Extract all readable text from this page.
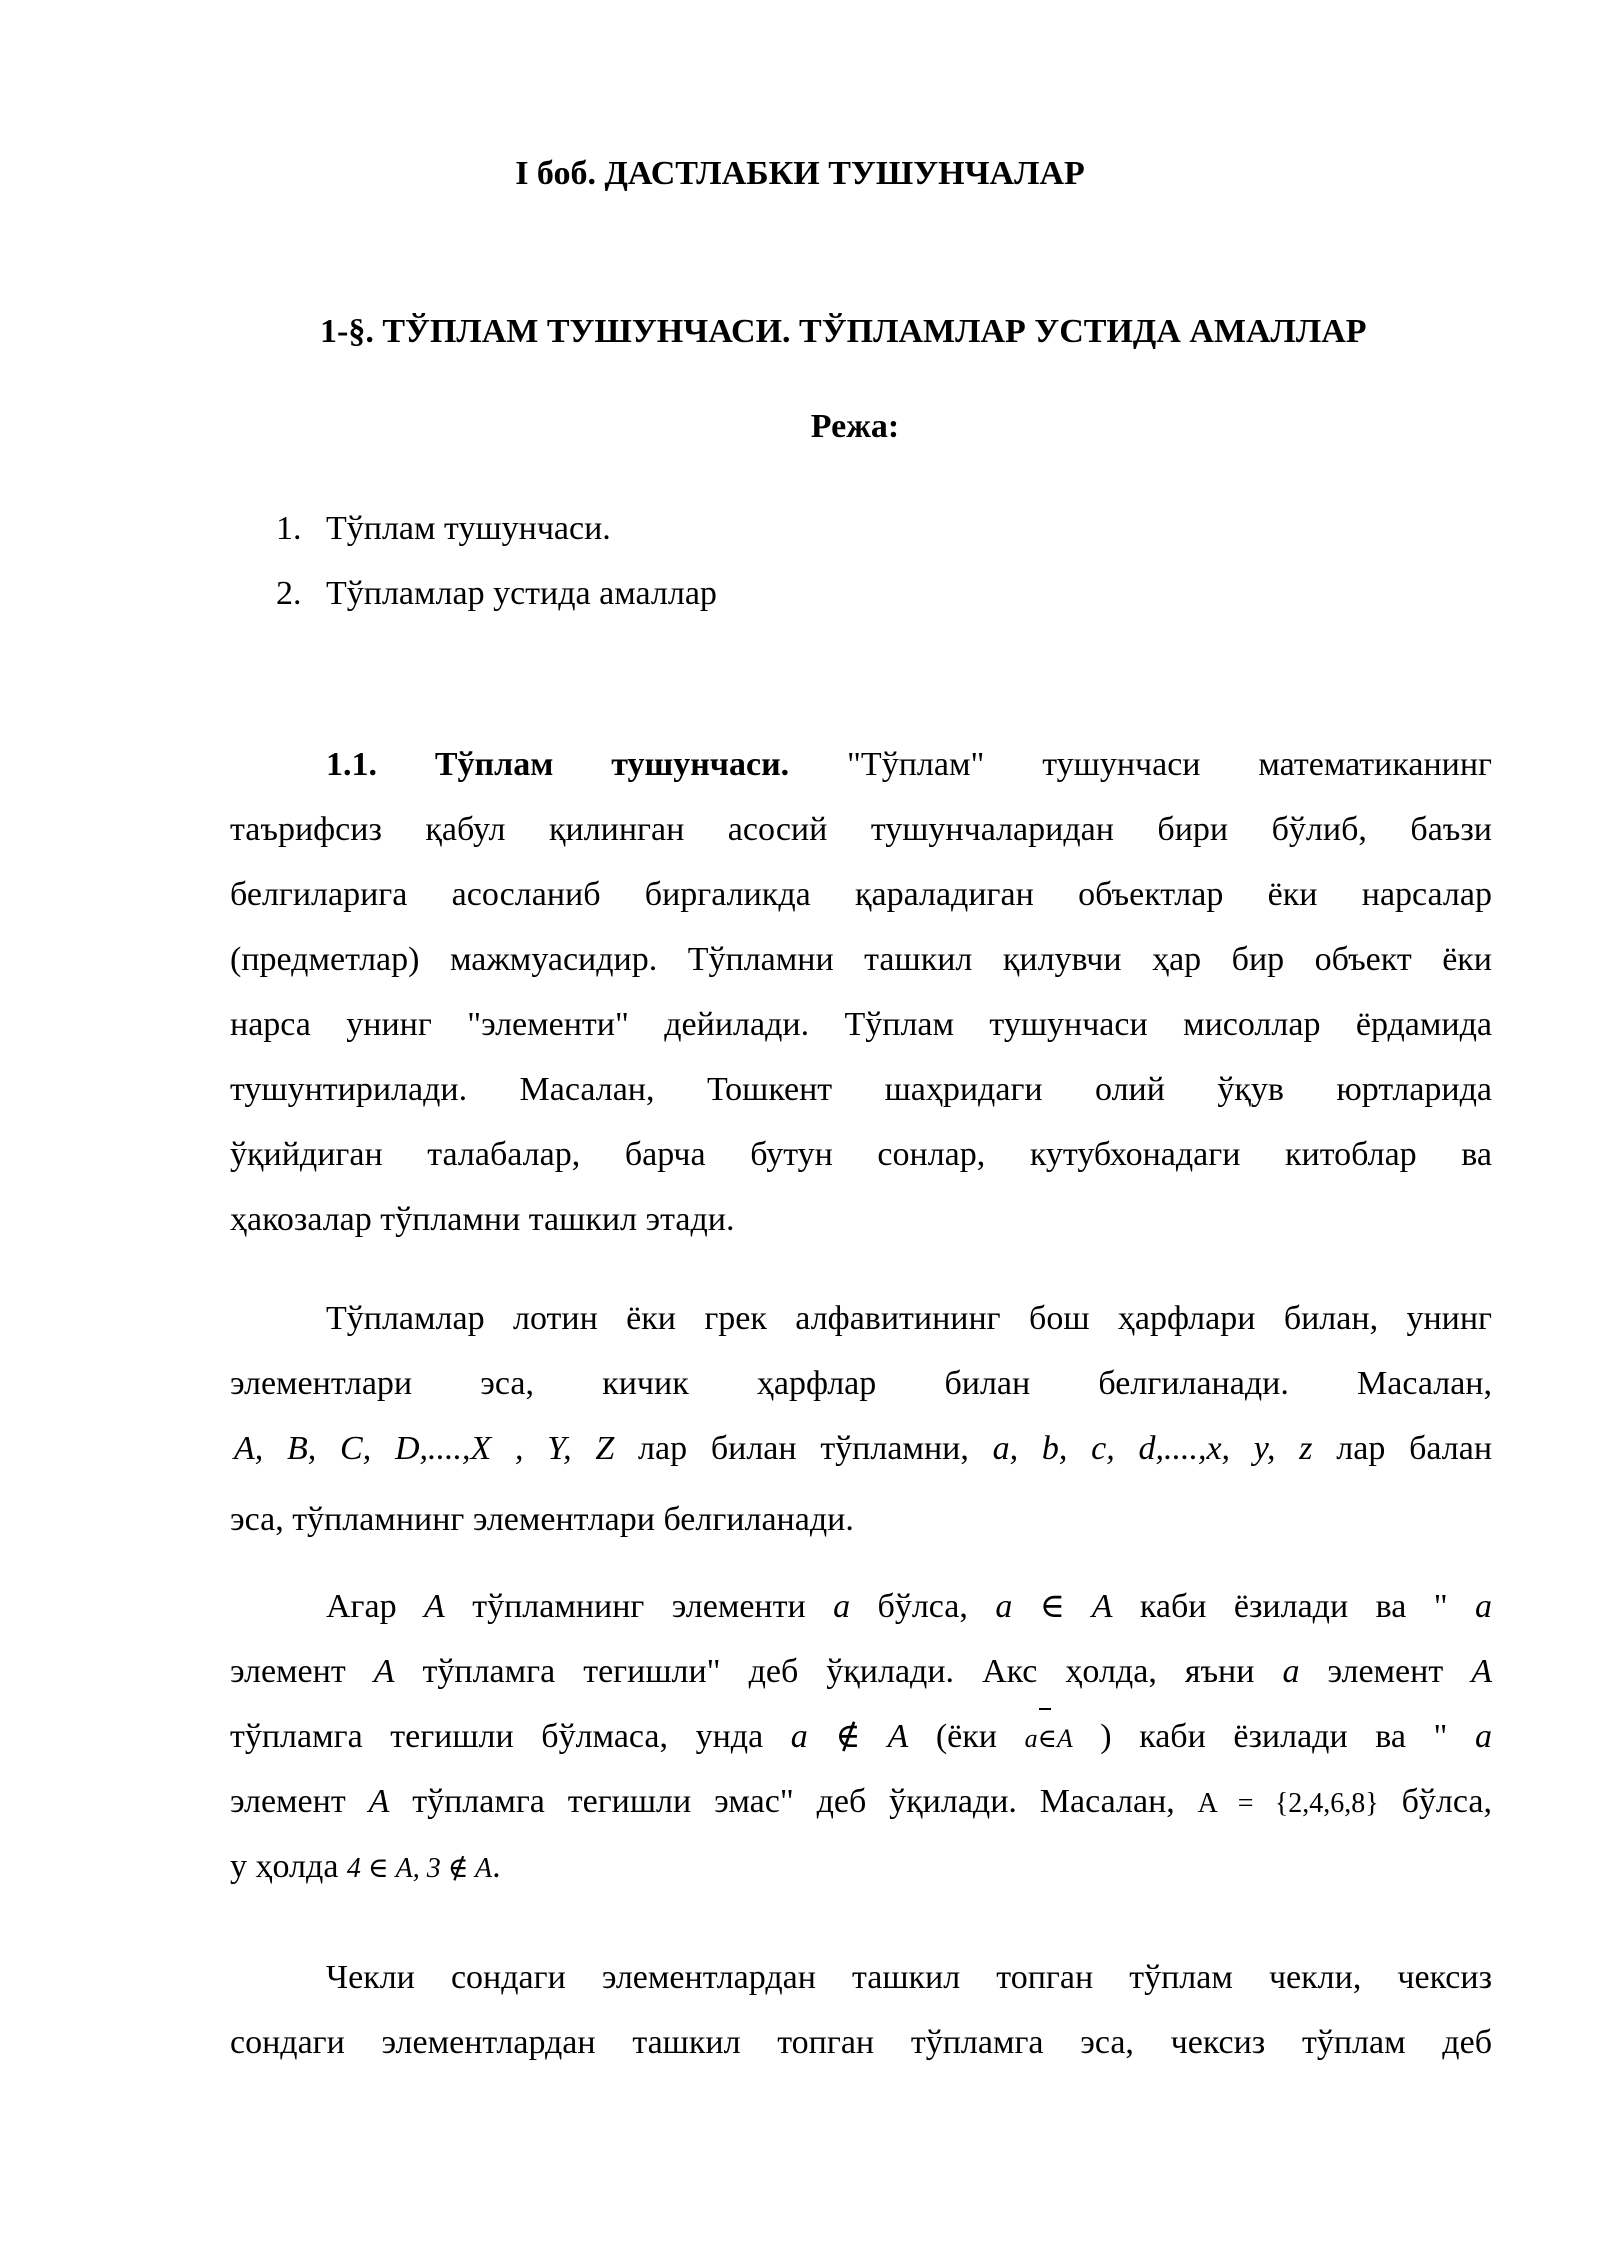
I боб. ДАСТЛАБКИ ТУШУНЧАЛАР
1-§. ТЎПЛАМ ТУШУНЧАСИ. ТЎПЛАМЛАР УСТИДА АМАЛЛАР
Режа:
1. Тўплам тушунчаси.
2. Тўпламлар устида амаллар
1.1. Тўплам тушунчаси. "Тўплам" тушунчаси математиканинг
таърифсиз қабул қилинган асосий тушунчаларидан бири бўлиб, баъзи
белгиларига асосланиб биргаликда қараладиган объектлар ёки нарсалар
(предметлар) мажмуасидир. Тўпламни ташкил қилувчи ҳар бир объект ёки
нарса унинг "элементи" дейилади. Тўплам тушунчаси мисоллар ёрдамида
тушунтирилади. Масалан, Тошкент шаҳридаги олий ўқув юртларида
ўқийдиган талабалар, барча бутун сонлар, кутубхонадаги китоблар ва
ҳакозалар тўпламни ташкил этади.
Тўпламлар лотин ёки грек алфавитининг бош ҳарфлари билан, унинг
элементлари эса, кичик ҳарфлар билан белгиланади. Масалан,
A, B, C, D,....,X , Y, Z лар билан тўпламни, a, b, c, d,....,x, y, z лар балан
эса, тўпламнинг элементлари белгиланади.
Агар A тўпламнинг элементи a бўлса, a ∈ A каби ёзилади ва " a
элемент A тўпламга тегишли" деб ўқилади. Акс ҳолда, яъни a элемент A
тўпламга тегишли бўлмаса, унда a ∉ A (ёки a∈A ) каби ёзилади ва " a
элемент A тўпламга тегишли эмас" деб ўқилади. Масалан, A = {2,4,6,8} бўлса,
у ҳолда 4 ∈ A, 3 ∉ A.
Чекли сондаги элементлардан ташкил топган тўплам чекли, чексиз
сондаги элементлардан ташкил топган тўпламга эса, чексиз тўплам деб
